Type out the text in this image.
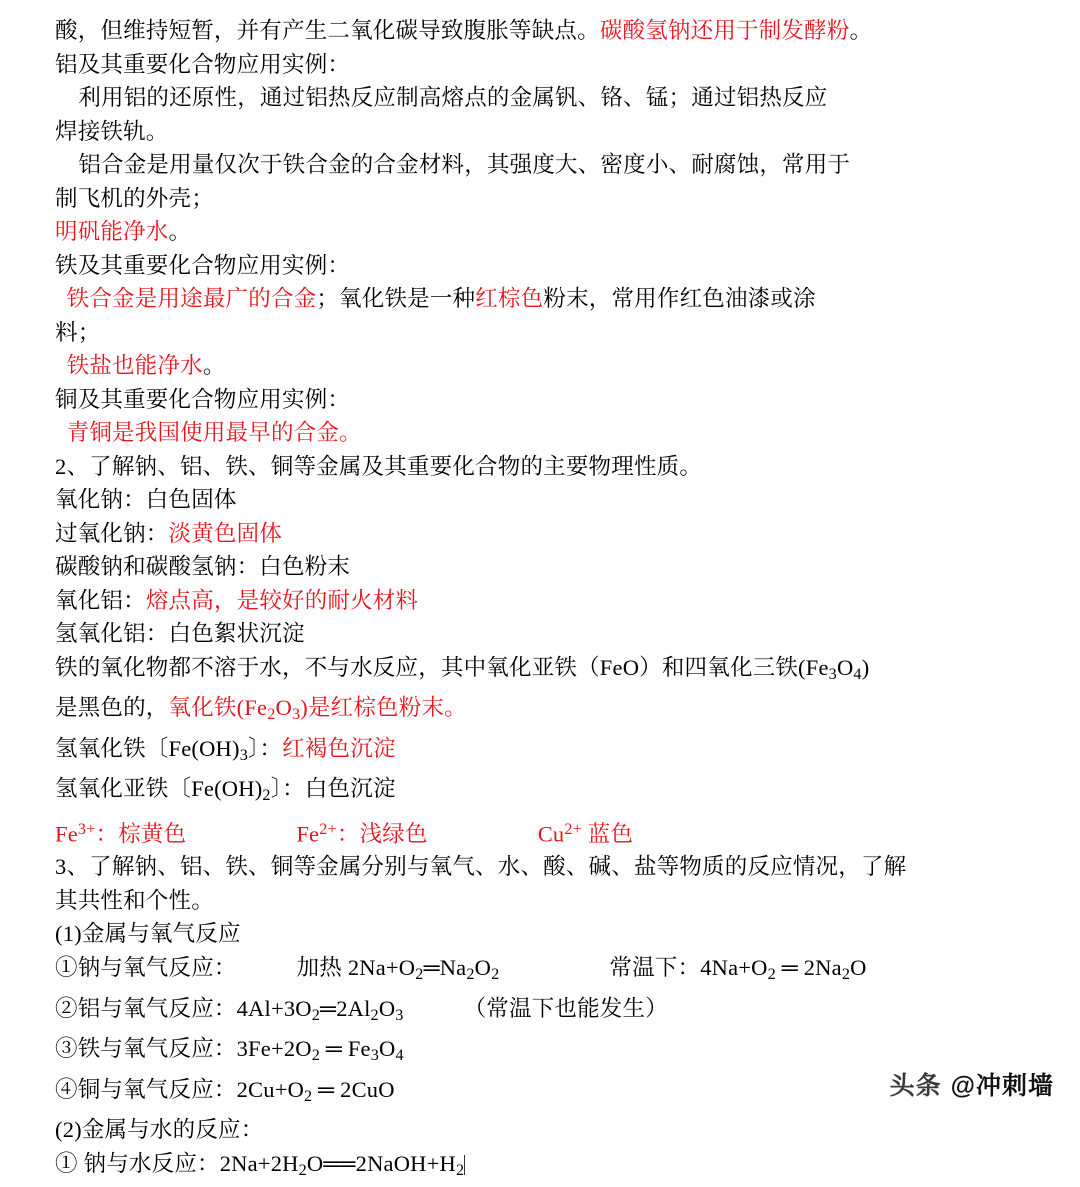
酸，但维持短暂，并有产生二氧化碳导致腹胀等缺点。碳酸氢钠还用于制发酵粉。
铝及其重要化合物应用实例：
利用铝的还原性，通过铝热反应制高熔点的金属钒、铬、锰；通过铝热反应
焊接铁轨。
铝合金是用量仅次于铁合金的合金材料，其强度大、密度小、耐腐蚀，常用于
制飞机的外壳；
明矾能净水。
铁及其重要化合物应用实例：
铁合金是用途最广的合金；氧化铁是一种红棕色粉末，常用作红色油漆或涂
料；
铁盐也能净水。
铜及其重要化合物应用实例：
青铜是我国使用最早的合金。
2、了解钠、铝、铁、铜等金属及其重要化合物的主要物理性质。
氧化钠：白色固体
过氧化钠：淡黄色固体
碳酸钠和碳酸氢钠：白色粉末
氧化铝：熔点高，是较好的耐火材料
氢氧化铝：白色絮状沉淀
铁的氧化物都不溶于水，不与水反应，其中氧化亚铁（FeO）和四氧化三铁$(Fe_3O_4)$
是黑色的，氧化铁$(Fe_2O_3)$是红棕色粉末。
氢氧化铁〔$Fe(OH)_3$〕：红褐色沉淀
氢氧化亚铁〔$Fe(OH)_2$〕：白色沉淀
$Fe^{3+}$：棕黄色	$Fe^{2+}$：浅绿色	$Cu^{2+}$ 蓝色
3、了解钠、铝、铁、铜等金属分别与氧气、水、酸、碱、盐等物质的反应情况，了解
其共性和个性。
(1)金属与氧气反应
①钠与氧气反应：	加热 $2Na+O_2═Na_2O_2$	常温下：$4Na+O_2$ ═ $2Na_2O$
②铝与氧气反应：$4Al+3O_2═2Al_2O_3$	（常温下也能发生）
③铁与氧气反应：$3Fe+2O_2$ ═ $Fe_3O_4$
④铜与氧气反应：$2Cu+O_2$ ═ 2CuO
(2)金属与水的反应：
① 钠与水反应：$2Na+2H_2O══2NaOH+H_2$
头条 @冲刺墙
